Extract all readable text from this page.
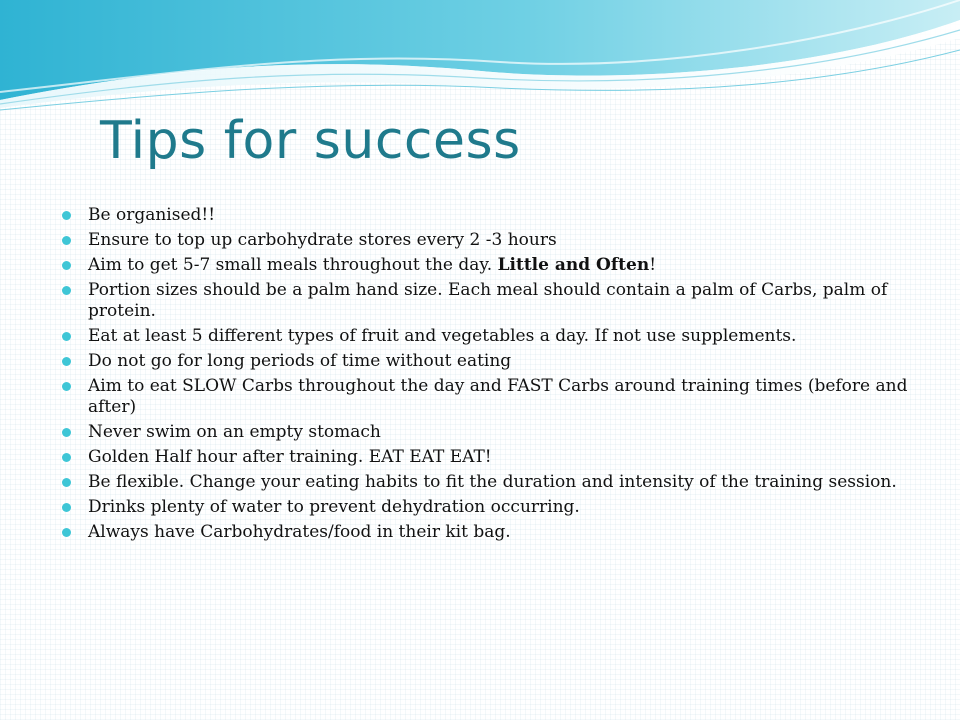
Tips for success
Be organised!!
Ensure to top up carbohydrate stores every 2 -3 hours
Aim to get 5-7 small meals throughout the day. Little and Often!
Portion sizes should be a palm hand size. Each meal should contain a palm of Carbs, palm of protein.
Eat at least 5 different types of fruit and vegetables a day. If not use supplements.
Do not go for long periods of time without eating
Aim to eat SLOW Carbs throughout the day and FAST Carbs around training times (before and after)
Never swim on an empty stomach
Golden Half hour after training. EAT EAT EAT!
Be flexible. Change your eating habits to fit the duration and intensity of the training session.
Drinks plenty of water to prevent dehydration occurring.
Always have Carbohydrates/food in their kit bag.
